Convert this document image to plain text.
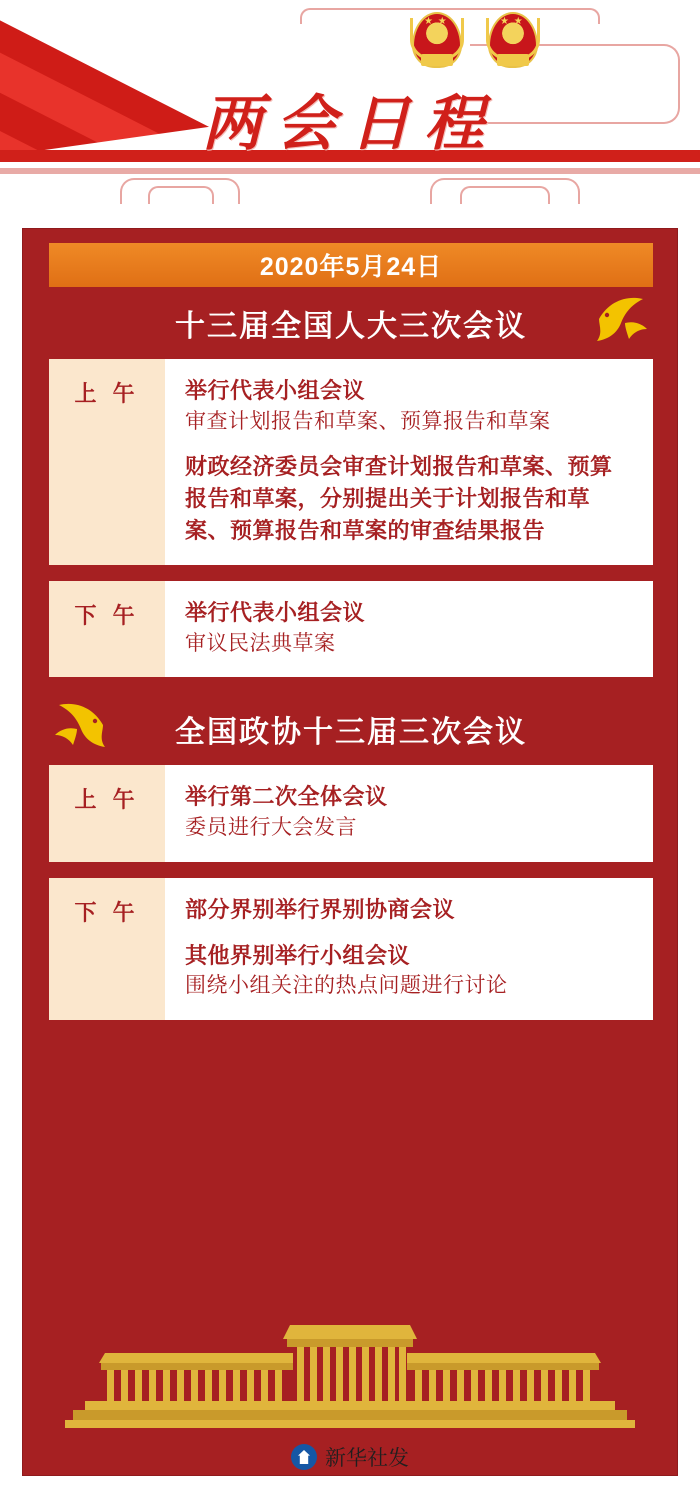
★ ★	★ ★
两会日程
2020年5月24日
十三届全国人大三次会议
上 午 举行代表小组会议
审查计划报告和草案、预算报告和草案
财政经济委员会审查计划报告和草案、预算报告和草案，分别提出关于计划报告和草案、预算报告和草案的审查结果报告
下 午 举行代表小组会议
审议民法典草案
全国政协十三届三次会议
上 午 举行第二次全体会议
委员进行大会发言
下 午 部分界别举行界别协商会议
其他界别举行小组会议
围绕小组关注的热点问题进行讨论
新华社发
